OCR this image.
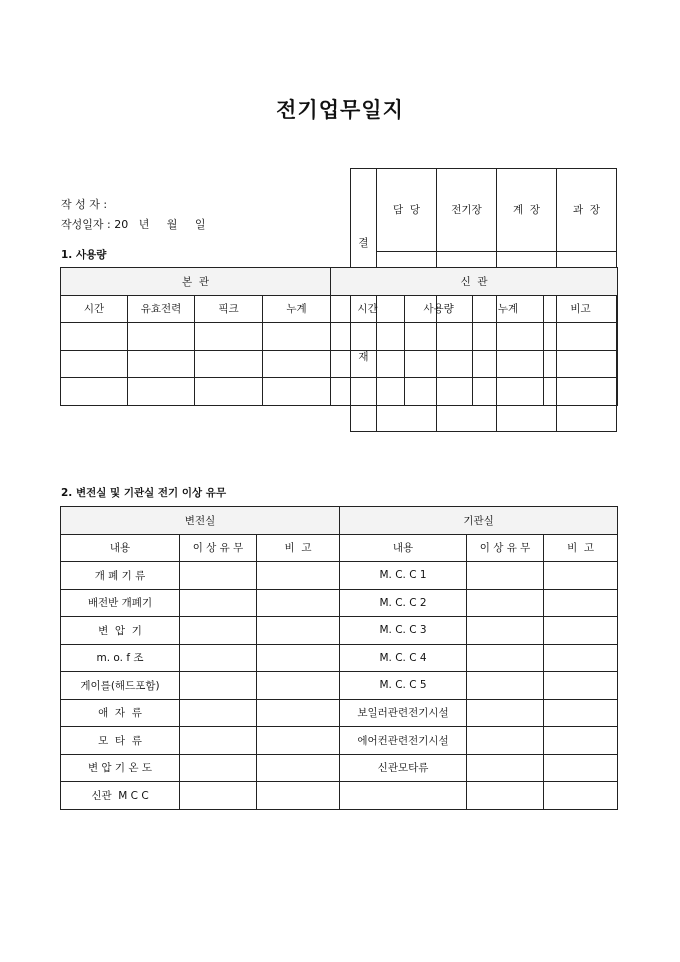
전기업무일지
작 성 자 :
작성일자 : 20   년     월     일

결

재	담  당	전기장	계  장	과  장

1. 사용량
본  관				신  관			
시간	유효전력	픽크	누계	시간	사용량	누계	비고

2. 변전실 및 기관실 전기 이상 유무
변전실			기관실		
내용	이 상 유 무	비  고	내용	이 상 유 무	비  고
개 폐 기 류			M. C. C 1		
배전반 개폐기			M. C. C 2		
변  압  기			M. C. C 3		
m. o. f 조			M. C. C 4		
게이를(해드포함)			M. C. C 5		
애  자  류			보일러관련전기시설		
모  타  류			에어컨관련전기시설		
변 압 기 온 도			신관모타류		
신관  M C C					
